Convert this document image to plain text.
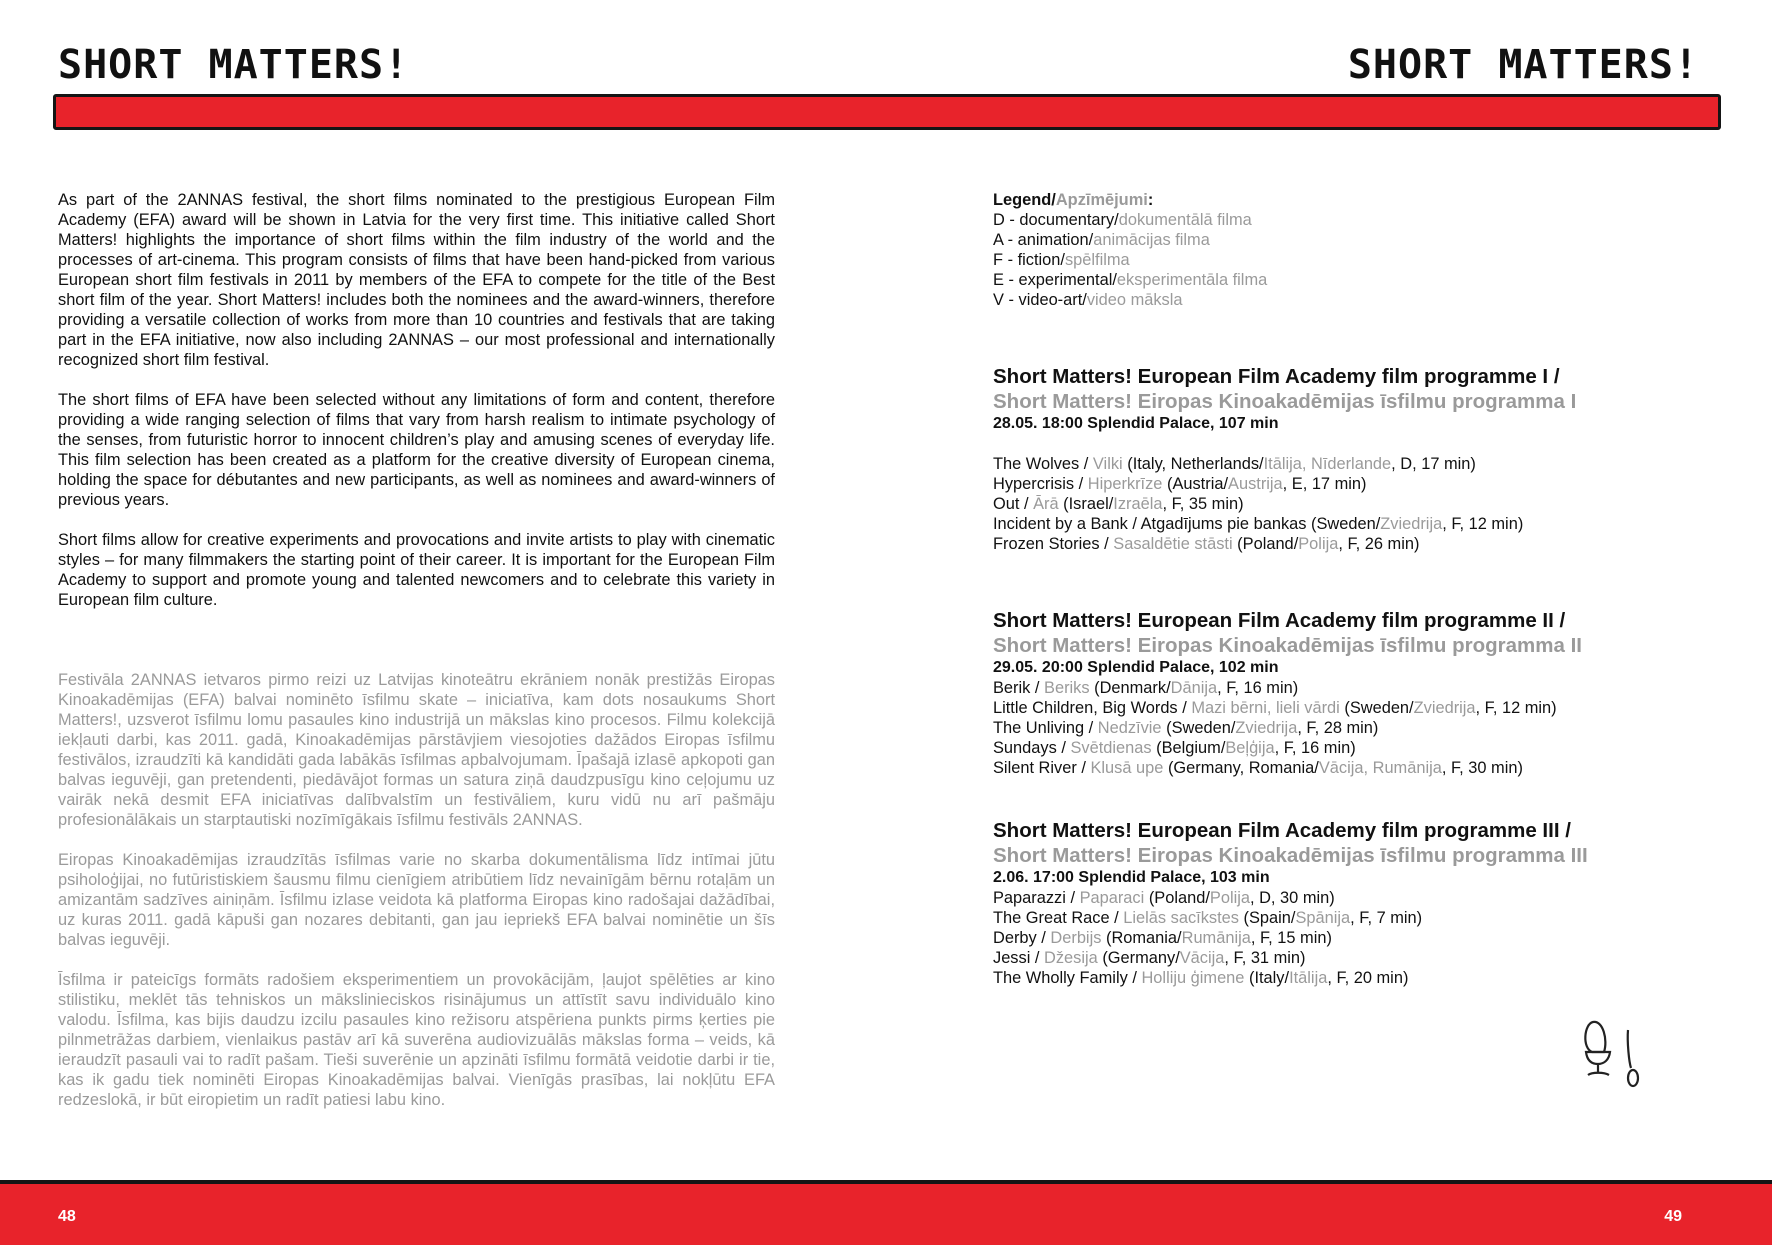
SHORT MATTERS!	SHORT MATTERS!

As part of the 2ANNAS festival, the short films nominated to the prestigious European Film Academy (EFA) award will be shown in Latvia for the very first time. This initiative called Short Matters! highlights the importance of short films within the film industry of the world and the processes of art-cinema. This program consists of films that have been hand-picked from various European short film festivals in 2011 by members of the EFA to compete for the title of the Best short film of the year. Short Matters! includes both the nominees and the award-winners, therefore providing a versatile collection of works from more than 10 countries and festivals that are taking part in the EFA initiative, now also including 2ANNAS – our most professional and internationally recognized short film festival.

The short films of EFA have been selected without any limitations of form and content, therefore providing a wide ranging selection of films that vary from harsh realism to intimate psychology of the senses, from futuristic horror to innocent children’s play and amusing scenes of everyday life. This film selection has been created as a platform for the creative diversity of European cinema, holding the space for débutantes and new participants, as well as nominees and award-winners of previous years.

Short films allow for creative experiments and provocations and invite artists to play with cinematic styles – for many filmmakers the starting point of their career. It is important for the European Film Academy to support and promote young and talented newcomers and to celebrate this variety in European film culture.

Festivāla 2ANNAS ietvaros pirmo reizi uz Latvijas kinoteātru ekrāniem nonāk prestižās Eiropas Kinoakadēmijas (EFA) balvai nominēto īsfilmu skate – iniciatīva, kam dots nosaukums Short Matters!, uzsverot īsfilmu lomu pasaules kino industrijā un mākslas kino procesos. Filmu kolekcijā iekļauti darbi, kas 2011. gadā, Kinoakadēmijas pārstāvjiem viesojoties dažādos Eiropas īsfilmu festivālos, izraudzīti kā kandidāti gada labākās īsfilmas apbalvojumam. Īpašajā izlasē apkopoti gan balvas ieguvēji, gan pretendenti, piedāvājot formas un satura ziņā daudzpusīgu kino ceļojumu uz vairāk nekā desmit EFA iniciatīvas dalībvalstīm un festivāliem, kuru vidū nu arī pašmāju profesionālākais un starptautiski nozīmīgākais īsfilmu festivāls 2ANNAS.

Eiropas Kinoakadēmijas izraudzītās īsfilmas varie no skarba dokumentālisma līdz intīmai jūtu psiholoģijai, no futūristiskiem šausmu filmu cienīgiem atribūtiem līdz nevainīgām bērnu rotaļām un amizantām sadzīves ainiņām. Īsfilmu izlase veidota kā platforma Eiropas kino radošajai dažādībai, uz kuras 2011. gadā kāpuši gan nozares debitanti, gan jau iepriekš EFA balvai nominētie un šīs balvas ieguvēji.

Īsfilma ir pateicīgs formāts radošiem eksperimentiem un provokācijām, ļaujot spēlēties ar kino stilistiku, meklēt tās tehniskos un mākslinieciskos risinājumus un attīstīt savu individuālo kino valodu. Īsfilma, kas bijis daudzu izcilu pasaules kino režisoru atspēriena punkts pirms ķerties pie pilnmetrāžas darbiem, vienlaikus pastāv arī kā suverēna audiovizuālās mākslas forma – veids, kā ieraudzīt pasauli vai to radīt pašam. Tieši suverēnie un apzināti īsfilmu formātā veidotie darbi ir tie, kas ik gadu tiek nominēti Eiropas Kinoakadēmijas balvai. Vienīgās prasības, lai nokļūtu EFA redzeslokā, ir būt eiropietim un radīt patiesi labu kino.

Legend/Apzīmējumi:
D - documentary/dokumentālā filma
A - animation/animācijas filma
F - fiction/spēlfilma
E - experimental/eksperimentāla filma
V - video-art/video māksla
Short Matters! European Film Academy film programme I /
Short Matters! Eiropas Kinoakadēmijas īsfilmu programma I
28.05. 18:00 Splendid Palace, 107 min
The Wolves / Vilki (Italy, Netherlands/Itālija, Nīderlande, D, 17 min)
Hypercrisis / Hiperkrīze (Austria/Austrija, E, 17 min)
Out / Ārā (Israel/Izraēla, F, 35 min)
Incident by a Bank / Atgadījums pie bankas (Sweden/Zviedrija, F, 12 min)
Frozen Stories / Sasaldētie stāsti (Poland/Polija, F, 26 min)
Short Matters! European Film Academy film programme II /
Short Matters! Eiropas Kinoakadēmijas īsfilmu programma II
29.05. 20:00 Splendid Palace, 102 min
Berik / Beriks (Denmark/Dānija, F, 16 min)
Little Children, Big Words / Mazi bērni, lieli vārdi (Sweden/Zviedrija, F, 12 min)
The Unliving / Nedzīvie (Sweden/Zviedrija, F, 28 min)
Sundays / Svētdienas (Belgium/Beļģija, F, 16 min)
Silent River / Klusā upe (Germany, Romania/Vācija, Rumānija, F, 30 min)
Short Matters! European Film Academy film programme III /
Short Matters! Eiropas Kinoakadēmijas īsfilmu programma III
2.06. 17:00 Splendid Palace, 103 min
Paparazzi / Paparaci (Poland/Polija, D, 30 min)
The Great Race / Lielās sacīkstes (Spain/Spānija, F, 7 min)
Derby / Derbijs (Romania/Rumānija, F, 15 min)
Jessi / Džesija (Germany/Vācija, F, 31 min)
The Wholly Family / Holliju ģimene (Italy/Itālija, F, 20 min)
48	49
